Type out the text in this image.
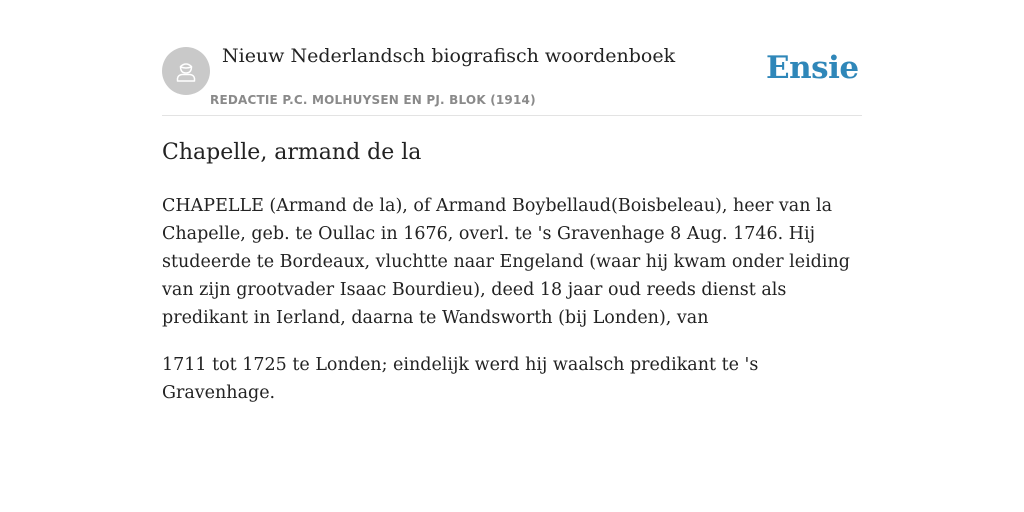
Nieuw Nederlandsch biografisch woordenboek
REDACTIE P.C. MOLHUYSEN EN PJ. BLOK (1914)
Ensie
Chapelle, armand de la

CHAPELLE (Armand de la), of Armand Boybellaud(Boisbeleau), heer van la Chapelle, geb. te Oullac in 1676, overl. te 's Gravenhage 8 Aug. 1746. Hij studeerde te Bordeaux, vluchtte naar Engeland (waar hij kwam onder leiding van zijn grootvader Isaac Bourdieu), deed 18 jaar oud reeds dienst als predikant in Ierland, daarna te Wandsworth (bij Londen), van

1711 tot 1725 te Londen; eindelijk werd hij waalsch predikant te 's Gravenhage.
